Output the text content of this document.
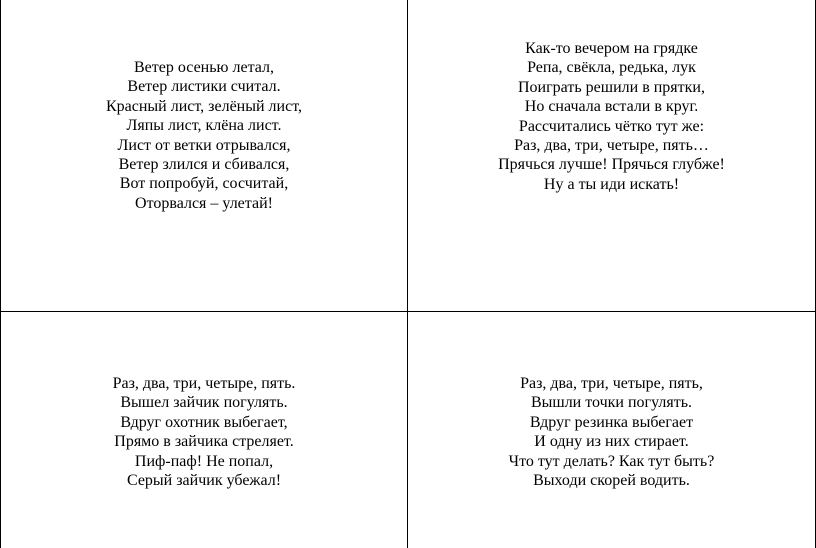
Ветер осенью летал,
Ветер листики считал.
Красный лист, зелёный лист,
Ляпы лист, клёна лист.
Лист от ветки отрывался,
Ветер злился и сбивался,
Вот попробуй, сосчитай,
Оторвался – улетай!
Как-то вечером на грядке
Репа, свёкла, редька, лук
Поиграть решили в прятки,
Но сначала встали в круг.
Рассчитались чётко тут же:
Раз, два, три, четыре, пять…
Прячься лучше! Прячься глубже!
Ну а ты иди искать!
Раз, два, три, четыре, пять.
Вышел зайчик погулять.
Вдруг охотник выбегает,
Прямо в зайчика стреляет.
Пиф-паф! Не попал,
Серый зайчик убежал!
Раз, два, три, четыре, пять,
Вышли точки погулять.
Вдруг резинка выбегает
И одну из них стирает.
Что тут делать? Как тут быть?
Выходи скорей водить.
